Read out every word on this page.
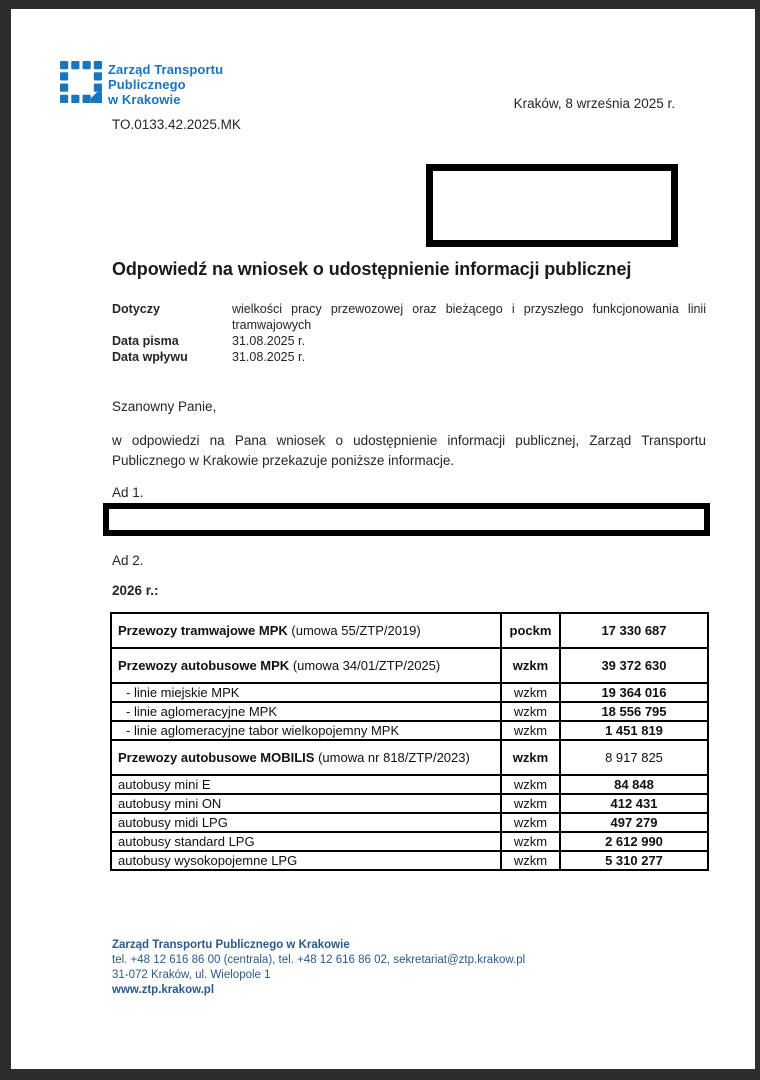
Zarząd Transportu
Publicznego
w Krakowie	Kraków, 8 września 2025 r.
TO.0133.42.2025.MK
Odpowiedź na wniosek o udostępnienie informacji publicznej
Dotyczy	wielkości pracy przewozowej oraz bieżącego i przyszłego funkcjonowania linii tramwajowych
Data pisma	31.08.2025 r.
Data wpływu	31.08.2025 r.
Szanowny Panie,
w odpowiedzi na Pana wniosek o udostępnienie informacji publicznej, Zarząd Transportu Publicznego w Krakowie przekazuje poniższe informacje.
Ad 1.
Ad 2.
2026 r.:
Przewozy tramwajowe MPK (umowa 55/ZTP/2019)	pockm	17 330 687
Przewozy autobusowe MPK (umowa 34/01/ZTP/2025)	wzkm	39 372 630
- linie miejskie MPK	wzkm	19 364 016
- linie aglomeracyjne MPK	wzkm	18 556 795
- linie aglomeracyjne tabor wielkopojemny MPK	wzkm	1 451 819
Przewozy autobusowe MOBILIS (umowa nr 818/ZTP/2023)	wzkm	8 917 825
autobusy mini E	wzkm	84 848
autobusy mini ON	wzkm	412 431
autobusy midi LPG	wzkm	497 279
autobusy standard LPG	wzkm	2 612 990
autobusy wysokopojemne LPG	wzkm	5 310 277
Zarząd Transportu Publicznego w Krakowie
tel. +48 12 616 86 00 (centrala), tel. +48 12 616 86 02, sekretariat@ztp.krakow.pl
31-072 Kraków, ul. Wielopole 1
www.ztp.krakow.pl
